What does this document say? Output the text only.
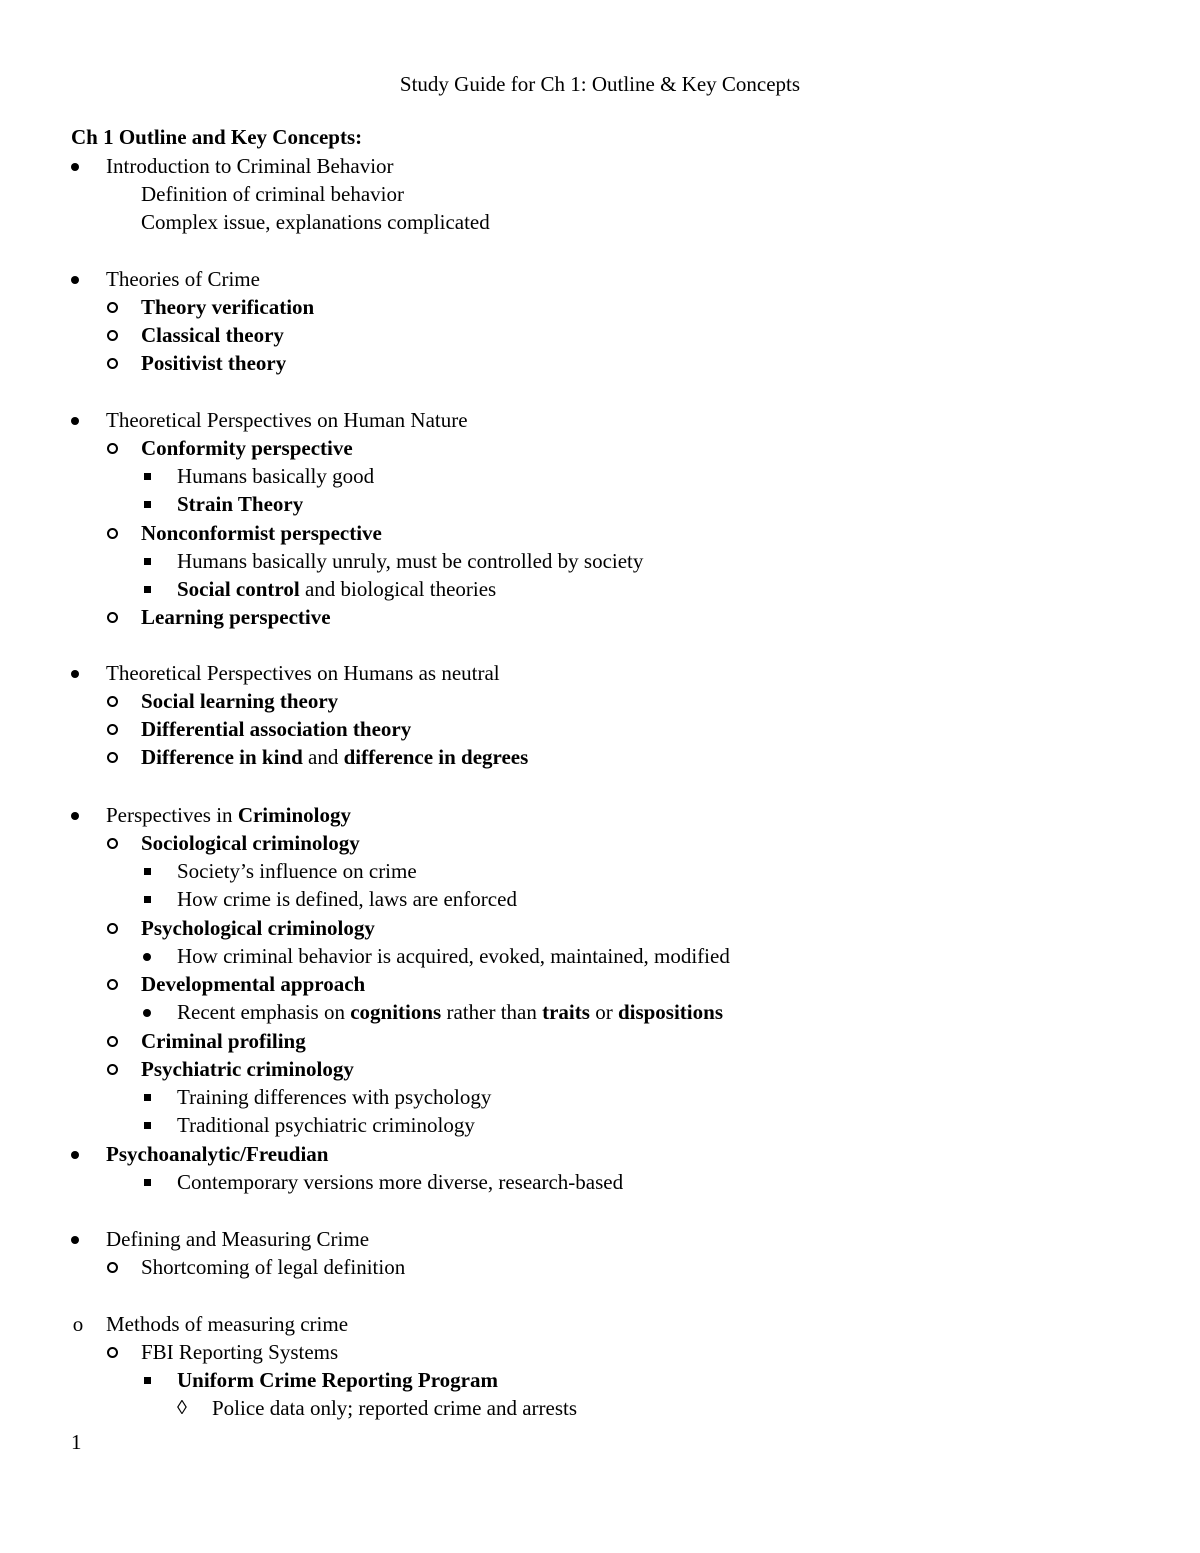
Study Guide for Ch 1: Outline & Key Concepts
Ch 1 Outline and Key Concepts:
Introduction to Criminal Behavior
Definition of criminal behavior
Complex issue, explanations complicated
Theories of Crime
Theory verification
Classical theory
Positivist theory
Theoretical Perspectives on Human Nature
Conformity perspective
Humans basically good
Strain Theory
Nonconformist perspective
Humans basically unruly, must be controlled by society
Social control and biological theories
Learning perspective
Theoretical Perspectives on Humans as neutral
Social learning theory
Differential association theory
Difference in kind and difference in degrees
Perspectives in Criminology
Sociological criminology
Society’s influence on crime
How crime is defined, laws are enforced
Psychological criminology
How criminal behavior is acquired, evoked, maintained, modified
Developmental approach
Recent emphasis on cognitions rather than traits or dispositions
Criminal profiling
Psychiatric criminology
Training differences with psychology
Traditional psychiatric criminology
Psychoanalytic/Freudian
Contemporary versions more diverse, research-based
Defining and Measuring Crime
Shortcoming of legal definition
o Methods of measuring crime
FBI Reporting Systems
Uniform Crime Reporting Program
◊ Police data only; reported crime and arrests
1
